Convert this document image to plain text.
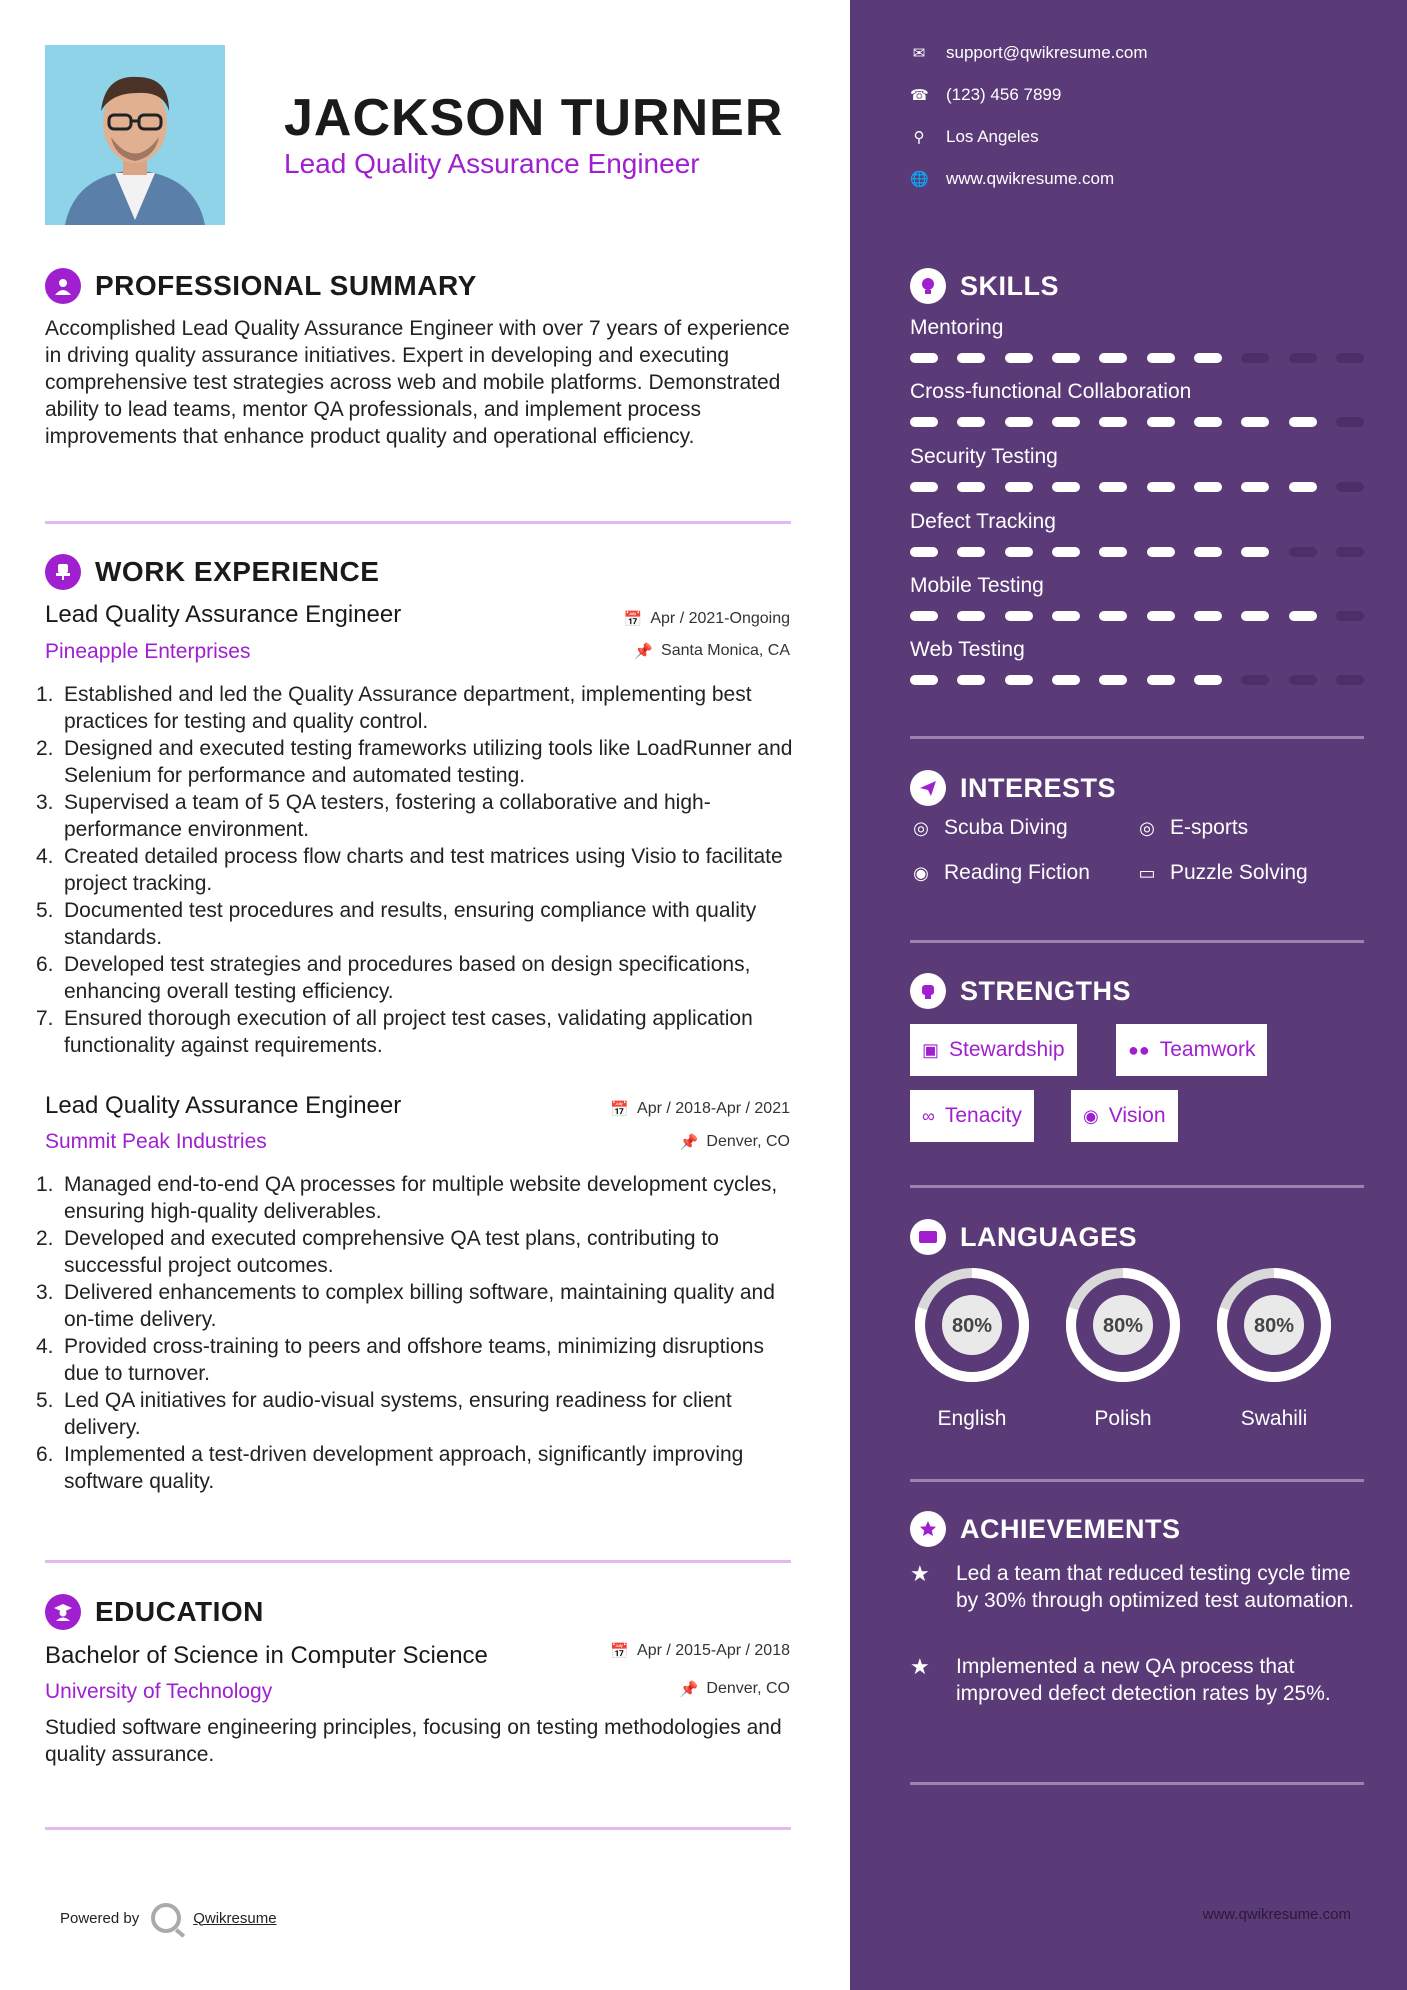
JACKSON TURNER
Lead Quality Assurance Engineer
PROFESSIONAL SUMMARY
Accomplished Lead Quality Assurance Engineer with over 7 years of experience in driving quality assurance initiatives. Expert in developing and executing comprehensive test strategies across web and mobile platforms. Demonstrated ability to lead teams, mentor QA professionals, and implement process improvements that enhance product quality and operational efficiency.
WORK EXPERIENCE
Lead Quality Assurance Engineer	📅 Apr / 2021-Ongoing
Pineapple Enterprises	📌 Santa Monica, CA
1. Established and led the Quality Assurance department, implementing best practices for testing and quality control.
2. Designed and executed testing frameworks utilizing tools like LoadRunner and Selenium for performance and automated testing.
3. Supervised a team of 5 QA testers, fostering a collaborative and high-performance environment.
4. Created detailed process flow charts and test matrices using Visio to facilitate project tracking.
5. Documented test procedures and results, ensuring compliance with quality standards.
6. Developed test strategies and procedures based on design specifications, enhancing overall testing efficiency.
7. Ensured thorough execution of all project test cases, validating application functionality against requirements.
Lead Quality Assurance Engineer	📅 Apr / 2018-Apr / 2021
Summit Peak Industries	📌 Denver, CO
1. Managed end-to-end QA processes for multiple website development cycles, ensuring high-quality deliverables.
2. Developed and executed comprehensive QA test plans, contributing to successful project outcomes.
3. Delivered enhancements to complex billing software, maintaining quality and on-time delivery.
4. Provided cross-training to peers and offshore teams, minimizing disruptions due to turnover.
5. Led QA initiatives for audio-visual systems, ensuring readiness for client delivery.
6. Implemented a test-driven development approach, significantly improving software quality.
EDUCATION
Bachelor of Science in Computer Science	📅 Apr / 2015-Apr / 2018
University of Technology	📌 Denver, CO
Studied software engineering principles, focusing on testing methodologies and quality assurance.
Powered by	Qwikresume
✉ support@qwikresume.com
☎ (123) 456 7899
⚲ Los Angeles
🌐 www.qwikresume.com
SKILLS
Mentoring
Cross-functional Collaboration
Security Testing
Defect Tracking
Mobile Testing
Web Testing
INTERESTS
◎ Scuba Diving	◎ E-sports
◉ Reading Fiction	▭ Puzzle Solving
STRENGTHS
▣ Stewardship	●● Teamwork
∞ Tenacity	◉ Vision
LANGUAGES
80%
English
80%
Polish
80%
Swahili
ACHIEVEMENTS
★	Led a team that reduced testing cycle time by 30% through optimized test automation.
★	Implemented a new QA process that improved defect detection rates by 25%.
www.qwikresume.com
